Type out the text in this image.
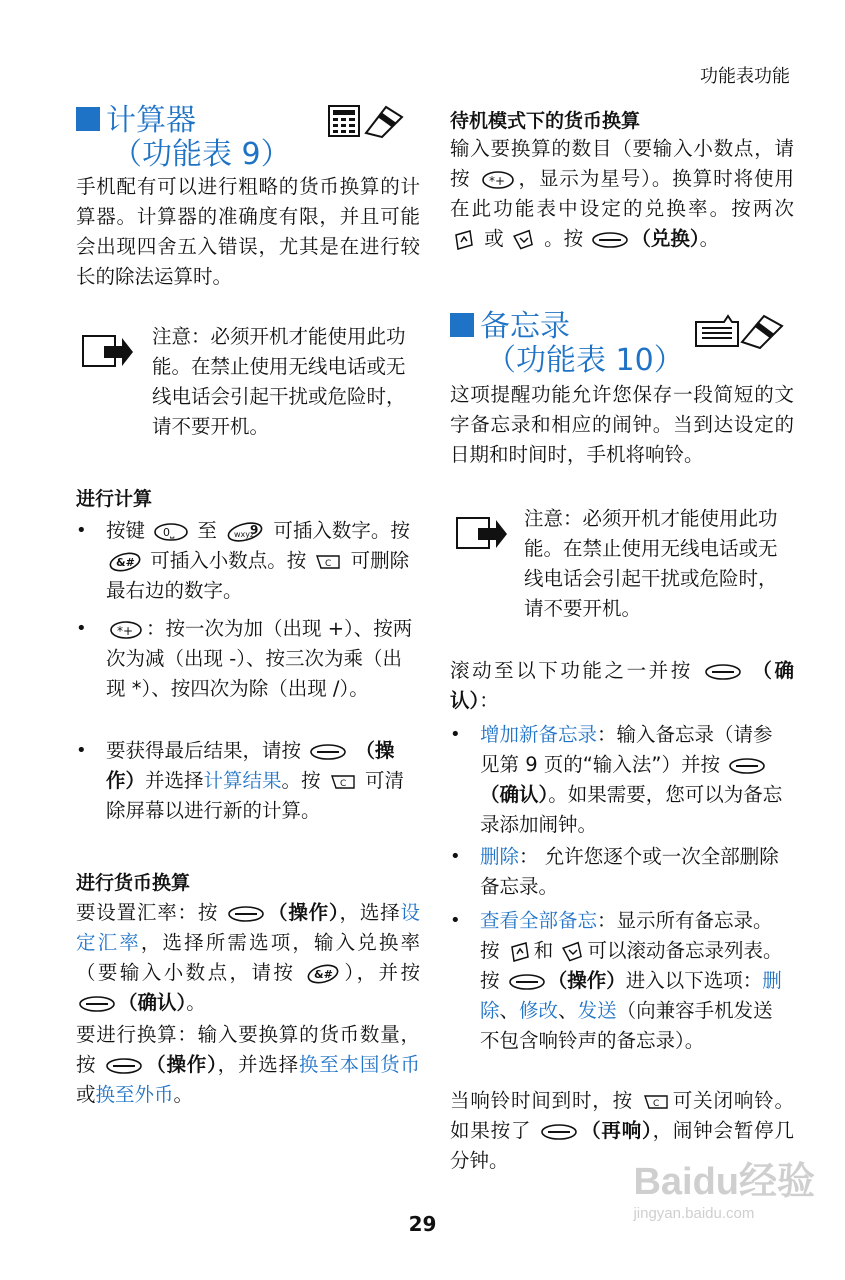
功能表功能
计算器
（功能表 9）
手机配有可以进行粗略的货币换算的计算器。计算器的准确度有限，并且可能会出现四舍五入错误，尤其是在进行较长的除法运算时。
注意：必须开机才能使用此功能。在禁止使用无线电话或无线电话会引起干扰或危险时，请不要开机。
进行计算
• 按键 0⎵ 至 wxyz
9 可插入数字。按
&# 可插入小数点。按 C 可删除最右边的数字。
•	*+ ：按一次为加（出现 +）、按两次为减（出现 -）、按三次为乘（出现 *）、按四次为除（出现 /）。
• 要获得最后结果，请按	（操作）并选择计算结果。按 C 可清除屏幕以进行新的计算。
进行货币换算
要设置汇率：按	（操作），选择设定汇率，选择所需选项，输入兑换率（要输入小数点，请按 &# ），并按 （确认）。
要进行换算：输入要换算的货币数量，按	（操作），并选择换至本国货币或换至外币。
待机模式下的货币换算
输入要换算的数目（要输入小数点，请按 *+ ，显示为星号）。换算时将使用在此功能表中设定的兑换率。按两次  或 。按 （兑换）。
备忘录
（功能表 10）
这项提醒功能允许您保存一段简短的文字备忘录和相应的闹钟。当到达设定的日期和时间时，手机将响铃。
注意：必须开机才能使用此功能。在禁止使用无线电话或无线电话会引起干扰或危险时，请不要开机。
滚动至以下功能之一并按	（确认）：
• 增加新备忘录：输入备忘录（请参见第 9 页的“输入法”）并按 （确认）。如果需要，您可以为备忘录添加闹钟。
• 删除： 允许您逐个或一次全部删除备忘录。
• 查看全部备忘：显示所有备忘录。按 和 可以滚动备忘录列表。按 （操作）进入以下选项：删除、修改、发送（向兼容手机发送不包含响铃声的备忘录）。
当响铃时间到时，按 C 可关闭响铃。如果按了	（再响），闹钟会暂停几分钟。
Baidu经验
jingyan.baidu.com
29
